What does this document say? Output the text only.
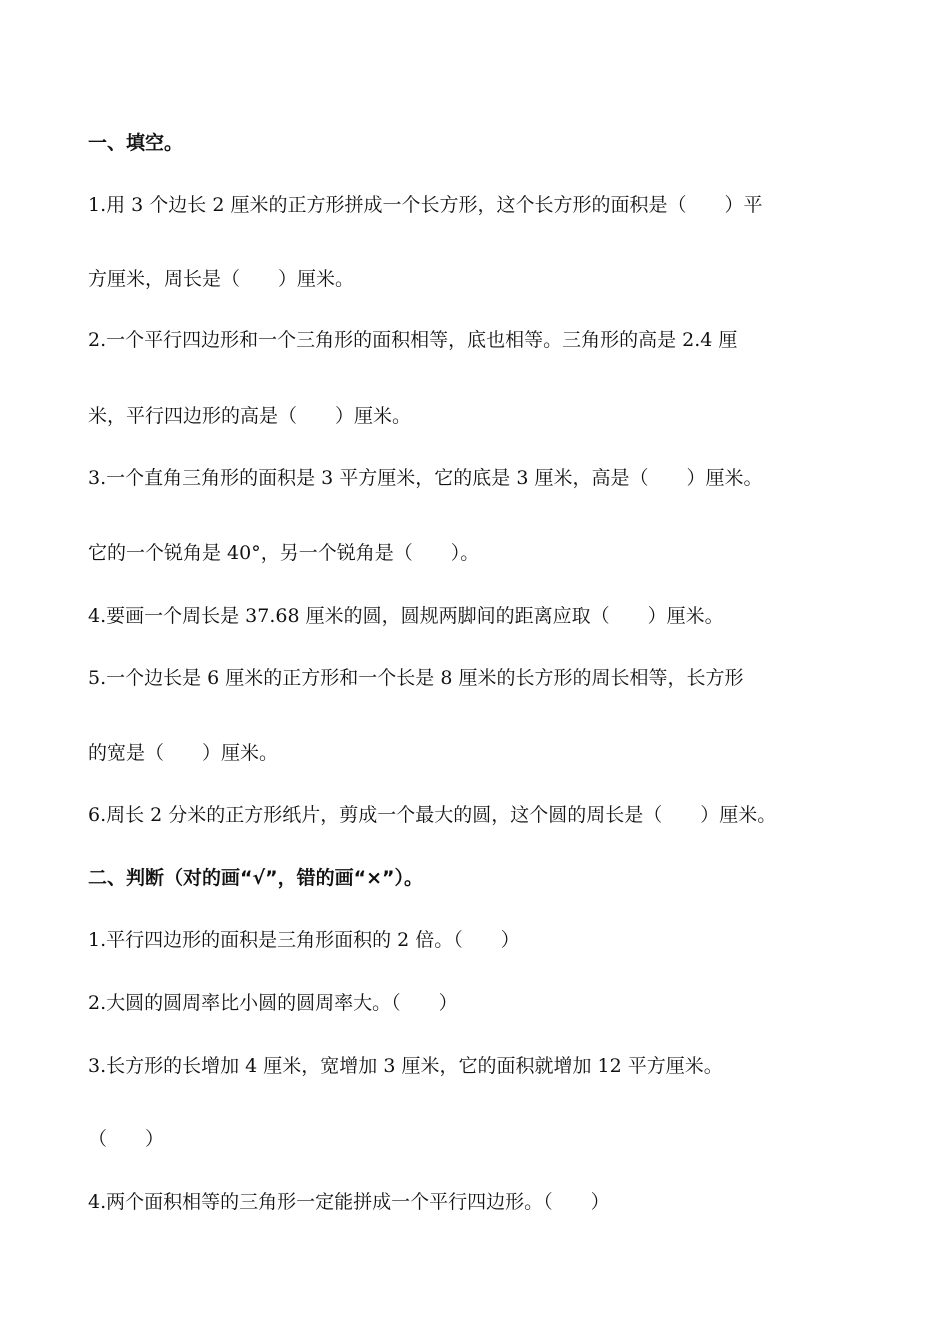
一、填空。
1.用 3 个边长 2 厘米的正方形拼成一个长方形，这个长方形的面积是（　　）平
方厘米，周长是（　　）厘米。
2.一个平行四边形和一个三角形的面积相等，底也相等。三角形的高是 2.4 厘
米，平行四边形的高是（　　）厘米。
3.一个直角三角形的面积是 3 平方厘米，它的底是 3 厘米，高是（　　）厘米。
它的一个锐角是 40°，另一个锐角是（　　）。
4.要画一个周长是 37.68 厘米的圆，圆规两脚间的距离应取（　　）厘米。
5.一个边长是 6 厘米的正方形和一个长是 8 厘米的长方形的周长相等，长方形
的宽是（　　）厘米。
6.周长 2 分米的正方形纸片，剪成一个最大的圆，这个圆的周长是（　　）厘米。
二、判断（对的画“√”，错的画“×”）。
1.平行四边形的面积是三角形面积的 2 倍。（　　）
2.大圆的圆周率比小圆的圆周率大。（　　）
3.长方形的长增加 4 厘米，宽增加 3 厘米，它的面积就增加 12 平方厘米。
（　　）
4.两个面积相等的三角形一定能拼成一个平行四边形。（　　）
